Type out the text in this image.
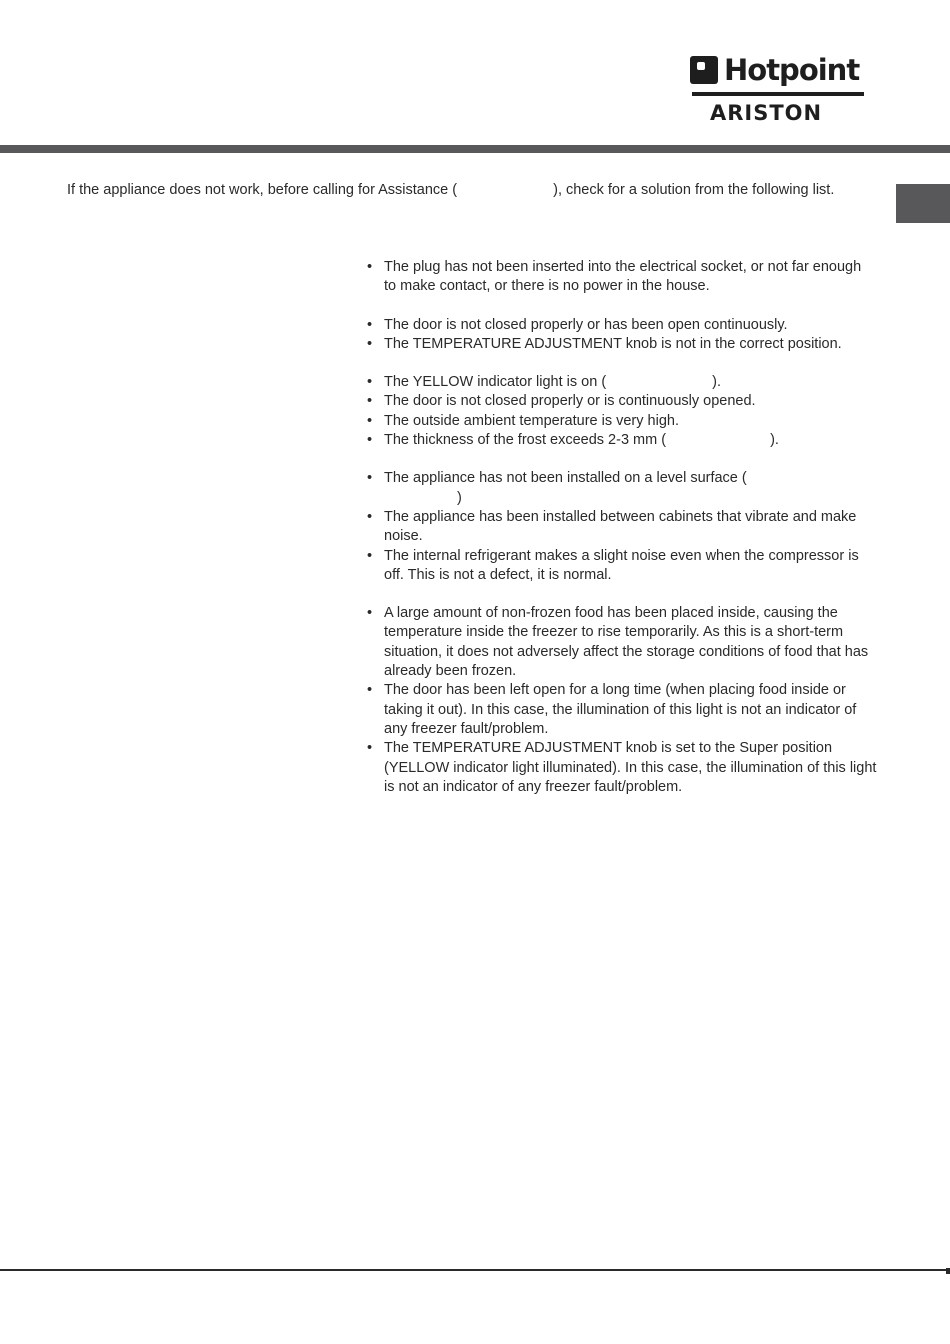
Hotpoint
ARISTON
If the appliance does not work, before calling for Assistance (	), check for a solution from the following list.
• The plug has not been inserted into the electrical socket, or not far enough to make contact, or there is no power in the house.
• The door is not closed properly or has been open continuously.
• The TEMPERATURE ADJUSTMENT knob is not in the correct position.
• The YELLOW indicator light is on (	).
• The door is not closed properly or is continuously opened.
• The outside ambient temperature is very high.
• The thickness of the frost exceeds 2-3 mm (	).
• The appliance has not been installed on a level surface (
)
• The appliance has been installed between cabinets that vibrate and make noise.
• The internal refrigerant makes a slight noise even when the compressor is off. This is not a defect, it is normal.
• A large amount of non-frozen food has been placed inside, causing the temperature inside the freezer to rise temporarily. As this is a short-term situation, it does not adversely affect the storage conditions of food that has already been frozen.
• The door has been left open for a long time (when placing food inside or taking it out). In this case, the illumination of this light is not an indicator of any freezer fault/problem.
• The TEMPERATURE ADJUSTMENT knob is set to the Super position (YELLOW indicator light illuminated). In this case, the illumination of this light is not an indicator of any freezer fault/problem.
